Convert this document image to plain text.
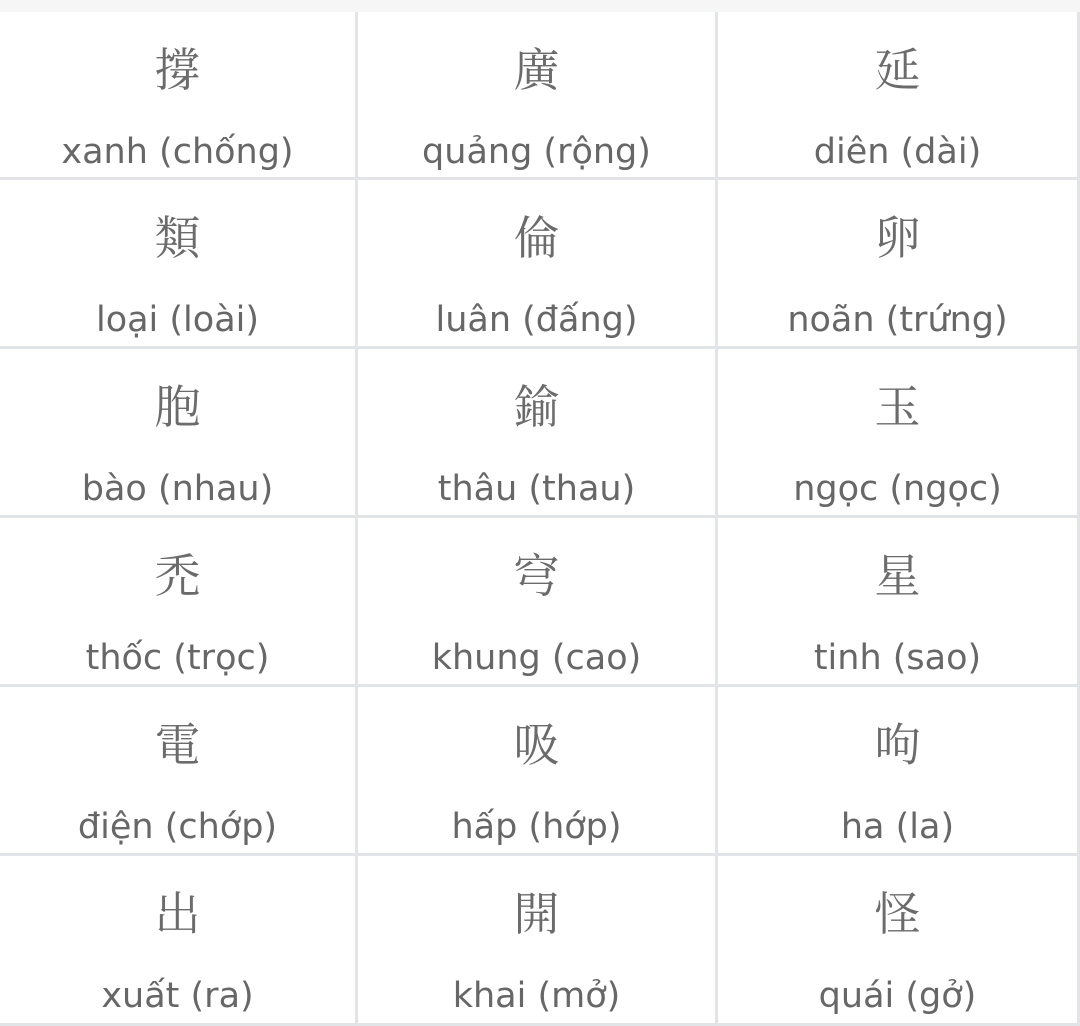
撐
xanh (chống)
廣
quảng (rộng)
延
diên (dài)
類
loại (loài)
倫
luân (đấng)
卵
noãn (trứng)
胞
bào (nhau)
鍮
thâu (thau)
玉
ngọc (ngọc)
禿
thốc (trọc)
穹
khung (cao)
星
tinh (sao)
電
điện (chớp)
吸
hấp (hớp)
呴
ha (la)
出
xuất (ra)
開
khai (mở)
怪
quái (gở)
